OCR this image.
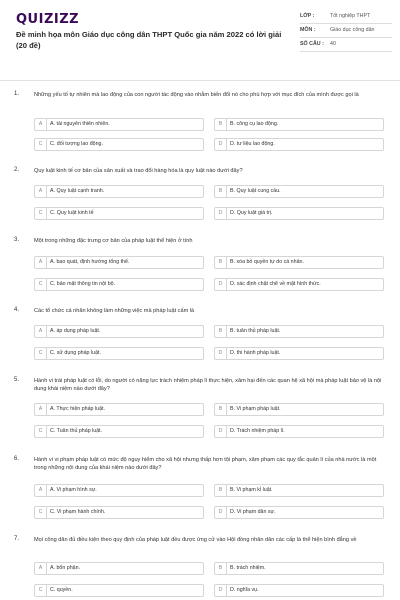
QUIZIZZ
Đề minh họa môn Giáo dục công dân THPT Quốc gia năm 2022 có lời giải (20 đề)
LỚP :	Tốt nghiệp THPT
MÔN :	Giáo dục công dân
SỐ CÂU :	40
1.	Những yếu tố tự nhiên mà lao động của con người tác động vào nhằm biến đổi nó cho phù hợp với mục đích của mình được gọi là
A	A. tài nguyên thiên nhiên.	B	B. công cụ lao động.
C	C. đối tượng lao động.	D	D. tư liệu lao động.
2.	Quy luật kinh tế cơ bản của sản xuất và trao đổi hàng hóa là quy luật nào dưới đây?
A	A. Quy luật cạnh tranh.	B	B. Quy luật cung cầu.
C	C. Quy luật kinh tế	D	D. Quy luật giá trị.
3.	Một trong những đặc trưng cơ bản của pháp luật thể hiện ở tính
A	A. bao quát, định hướng tổng thể.	B	B. xóa bỏ quyền tự do cá nhân.
C	C. bảo mật thông tin nội bộ.	D	D. xác định chặt chẽ về mặt hình thức.
4.	Các tổ chức cá nhân không làm những việc mà pháp luật cấm là
A	A. áp dụng pháp luật.	B	B. tuân thủ pháp luật.
C	C. sử dụng pháp luật.	D	D. thi hành pháp luật.
5.	Hành vi trái pháp luật có lỗi, do người có năng lực trách nhiệm pháp lí thực hiện, xâm hại đến các quan hệ xã hội mà pháp luật bảo vệ là nội dung khái niệm nào dưới đây?
A	A. Thực hiện pháp luật.	B	B. Vi phạm pháp luật.
C	C. Tuân thủ pháp luật.	D	D. Trách nhiệm pháp lí.
6.	Hành vi vi phạm pháp luật có mức độ nguy hiểm cho xã hội nhưng thấp hơn tội phạm, xâm phạm các quy tắc quản lí của nhà nước là một trong những nội dung của khái niệm nào dưới đây?
A	A. Vi phạm hình sự.	B	B. Vi phạm kỉ luật.
C	C. Vi phạm hành chính.	D	D. Vi phạm dân sự.
7.	Mọi công dân đủ điều kiện theo quy định của pháp luật đều được ứng cử vào Hội đồng nhân dân các cấp là thể hiện bình đẳng về
A	A. bổn phận.	B	B. trách nhiệm.
C	C. quyền.	D	D. nghĩa vụ.
